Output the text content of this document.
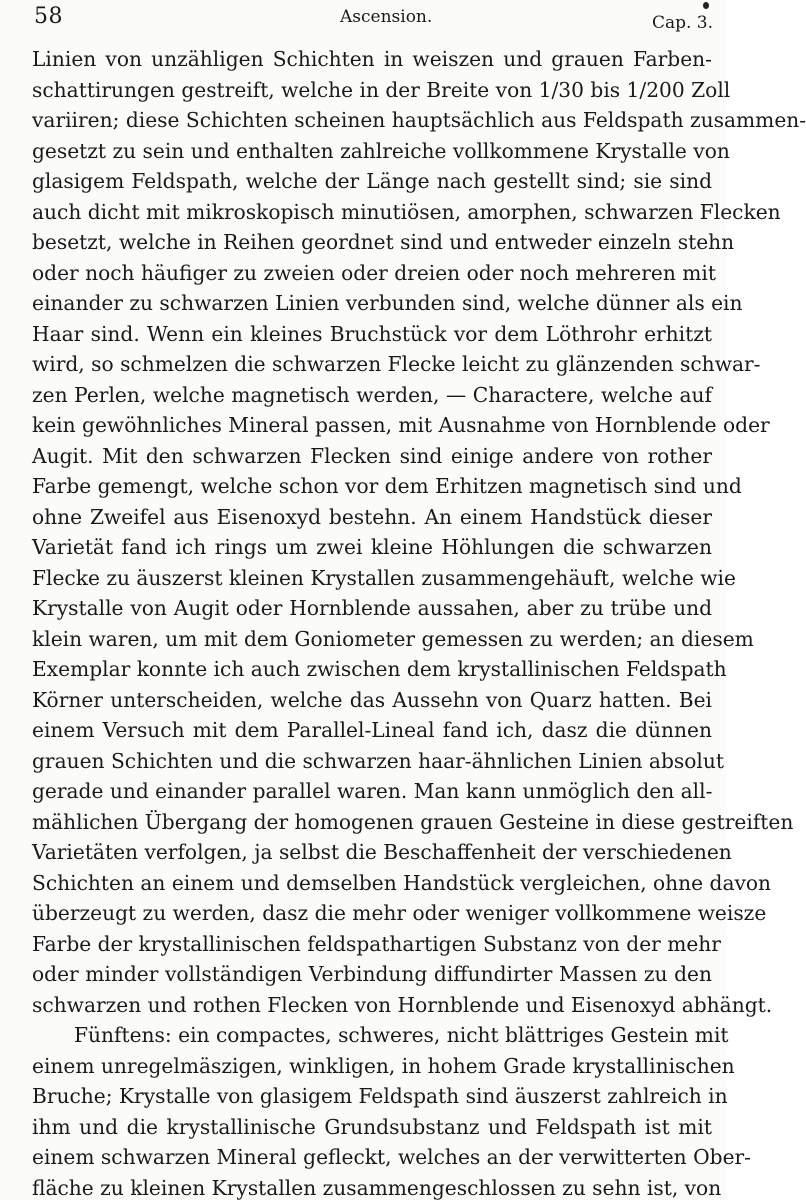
58	Ascension.	Cap. 3.
Linien von unzähligen Schichten in weiszen und grauen Farben-
schattirungen gestreift, welche in der Breite von 1/30 bis 1/200 Zoll
variiren; diese Schichten scheinen hauptsächlich aus Feldspath zusammen-
gesetzt zu sein und enthalten zahlreiche vollkommene Krystalle von
glasigem Feldspath, welche der Länge nach gestellt sind; sie sind
auch dicht mit mikroskopisch minutiösen, amorphen, schwarzen Flecken
besetzt, welche in Reihen geordnet sind und entweder einzeln stehn
oder noch häufiger zu zweien oder dreien oder noch mehreren mit
einander zu schwarzen Linien verbunden sind, welche dünner als ein
Haar sind. Wenn ein kleines Bruchstück vor dem Löthrohr erhitzt
wird, so schmelzen die schwarzen Flecke leicht zu glänzenden schwar-
zen Perlen, welche magnetisch werden, — Charactere, welche auf
kein gewöhnliches Mineral passen, mit Ausnahme von Hornblende oder
Augit. Mit den schwarzen Flecken sind einige andere von rother
Farbe gemengt, welche schon vor dem Erhitzen magnetisch sind und
ohne Zweifel aus Eisenoxyd bestehn. An einem Handstück dieser
Varietät fand ich rings um zwei kleine Höhlungen die schwarzen
Flecke zu äuszerst kleinen Krystallen zusammengehäuft, welche wie
Krystalle von Augit oder Hornblende aussahen, aber zu trübe und
klein waren, um mit dem Goniometer gemessen zu werden; an diesem
Exemplar konnte ich auch zwischen dem krystallinischen Feldspath
Körner unterscheiden, welche das Aussehn von Quarz hatten. Bei
einem Versuch mit dem Parallel-Lineal fand ich, dasz die dünnen
grauen Schichten und die schwarzen haar-ähnlichen Linien absolut
gerade und einander parallel waren. Man kann unmöglich den all-
mählichen Übergang der homogenen grauen Gesteine in diese gestreiften
Varietäten verfolgen, ja selbst die Beschaffenheit der verschiedenen
Schichten an einem und demselben Handstück vergleichen, ohne davon
überzeugt zu werden, dasz die mehr oder weniger vollkommene weisze
Farbe der krystallinischen feldspathartigen Substanz von der mehr
oder minder vollständigen Verbindung diffundirter Massen zu den
schwarzen und rothen Flecken von Hornblende und Eisenoxyd abhängt.
Fünftens: ein compactes, schweres, nicht blättriges Gestein mit
einem unregelmäszigen, winkligen, in hohem Grade krystallinischen
Bruche; Krystalle von glasigem Feldspath sind äuszerst zahlreich in
ihm und die krystallinische Grundsubstanz und Feldspath ist mit
einem schwarzen Mineral gefleckt, welches an der verwitterten Ober-
fläche zu kleinen Krystallen zusammengeschlossen zu sehn ist, von
